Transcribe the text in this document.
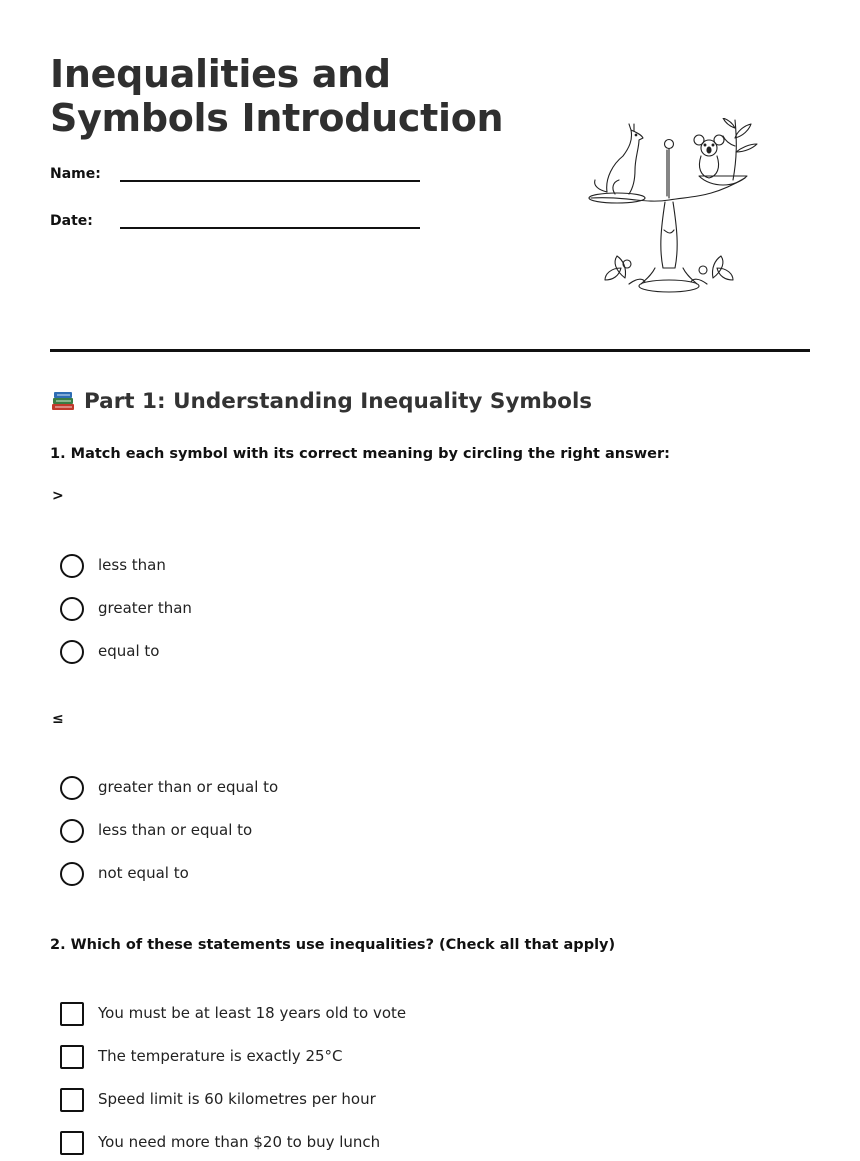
Inequalities and Symbols Introduction
Name:
Date:
Part 1: Understanding Inequality Symbols

1. Match each symbol with its correct meaning by circling the right answer:

>
less than
greater than
equal to
≤
greater than or equal to
less than or equal to
not equal to

2. Which of these statements use inequalities? (Check all that apply)

You must be at least 18 years old to vote
The temperature is exactly 25°C
Speed limit is 60 kilometres per hour
You need more than $20 to buy lunch
